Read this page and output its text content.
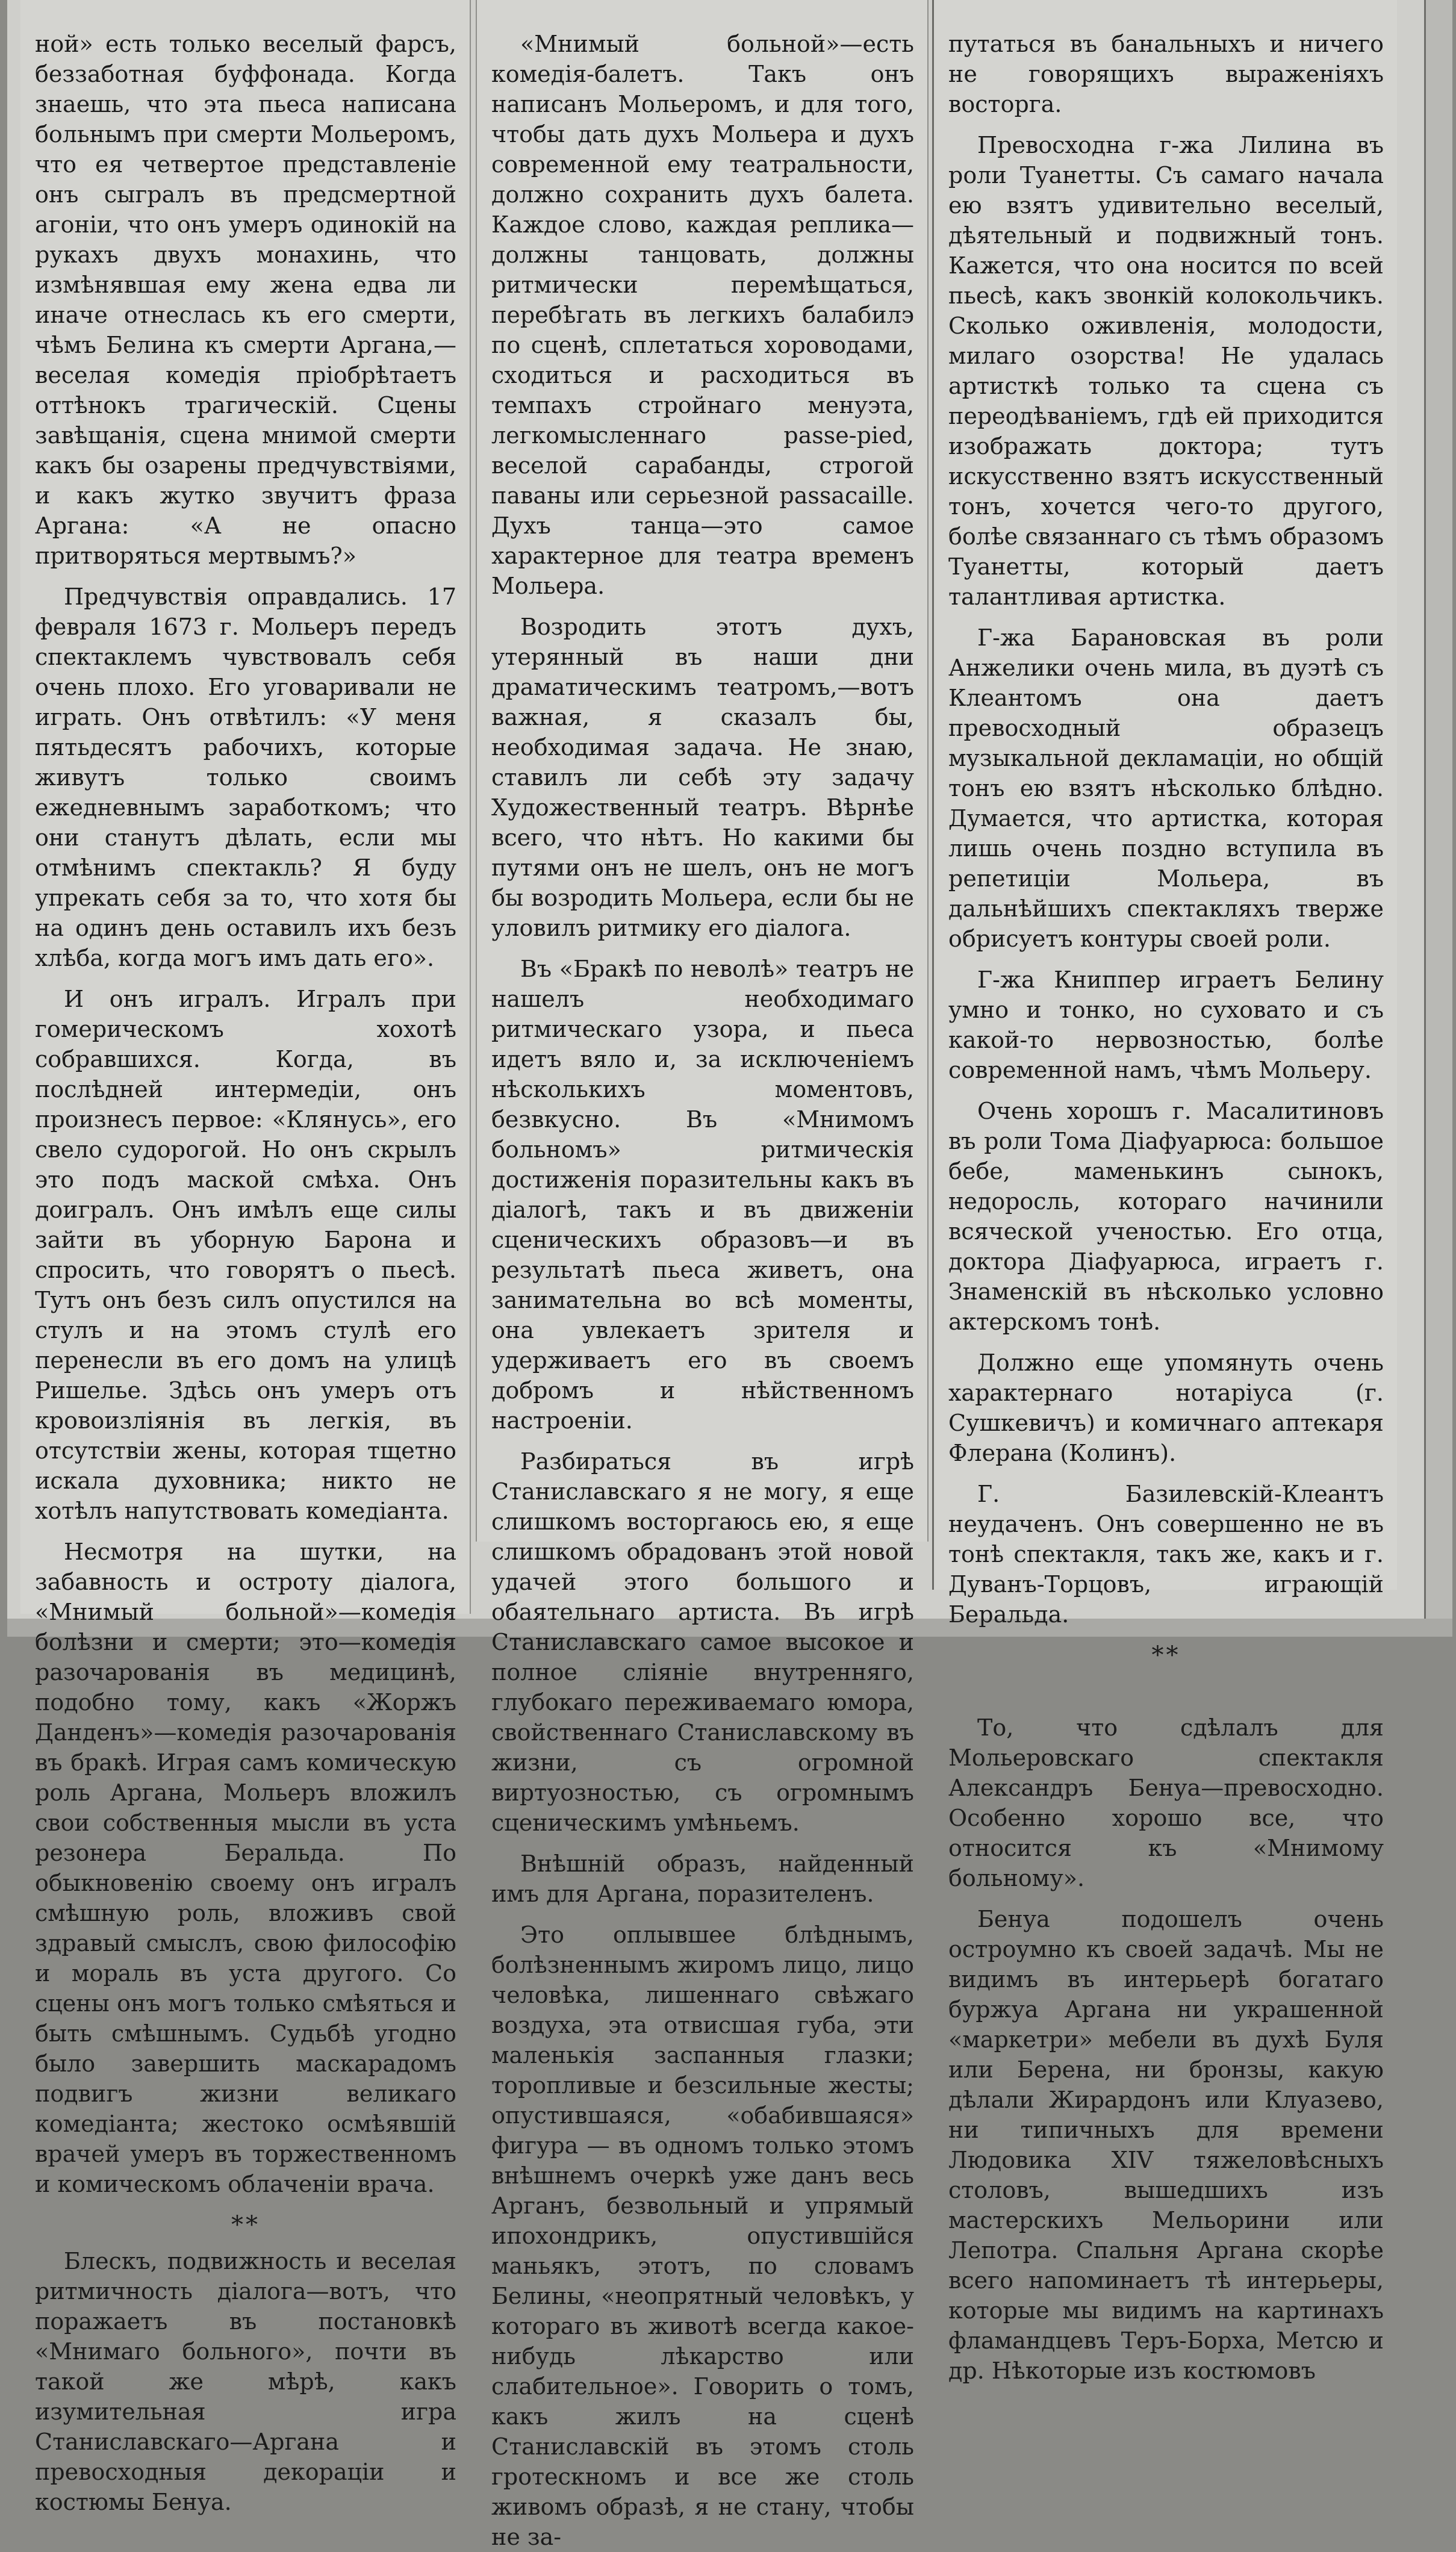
ной» есть только веселый фарсъ, беззаботная буффонада. Когда знаешь, что эта пьеса написана больнымъ при смерти Мольеромъ, что ея четвертое представленіе онъ сыгралъ въ предсмертной агоніи, что онъ умеръ одинокій на рукахъ двухъ монахинь, что измѣнявшая ему жена едва ли иначе отнеслась къ его смерти, чѣмъ Белина къ смерти Аргана,—веселая комедія пріобрѣтаетъ оттѣнокъ трагическій. Сцены завѣщанія, сцена мнимой смерти какъ бы озарены предчувствіями, и какъ жутко звучитъ фраза Аргана: «А не опасно притворяться мертвымъ?»

Предчувствія оправдались. 17 февраля 1673 г. Мольеръ передъ спектаклемъ чувствовалъ себя очень плохо. Его уговаривали не играть. Онъ отвѣтилъ: «У меня пятьдесятъ рабочихъ, которые живутъ только своимъ ежедневнымъ заработкомъ; что они станутъ дѣлать, если мы отмѣнимъ спектакль? Я буду упрекать себя за то, что хотя бы на одинъ день оставилъ ихъ безъ хлѣба, когда могъ имъ дать его».

И онъ игралъ. Игралъ при гомерическомъ хохотѣ собравшихся. Когда, въ послѣдней интермедіи, онъ произнесъ первое: «Клянусь», его свело судорогой. Но онъ скрылъ это подъ маской смѣха. Онъ доигралъ. Онъ имѣлъ еще силы зайти въ уборную Барона и спросить, что говорятъ о пьесѣ. Тутъ онъ безъ силъ опустился на стулъ и на этомъ стулѣ его перенесли въ его домъ на улицѣ Ришелье. Здѣсь онъ умеръ отъ кровоизліянія въ легкія, въ отсутствіи жены, которая тщетно искала духовника; никто не хотѣлъ напутствовать комедіанта.

Несмотря на шутки, на забавность и остроту діалога, «Мнимый больной»—комедія болѣзни и смерти; это—комедія разочарованія въ медицинѣ, подобно тому, какъ «Жоржъ Данденъ»—комедія разочарованія въ бракѣ. Играя самъ комическую роль Аргана, Мольеръ вложилъ свои собственныя мысли въ уста резонера Беральда. По обыкновенію своему онъ игралъ смѣшную роль, вложивъ свой здравый смыслъ, свою философію и мораль въ уста другого. Со сцены онъ могъ только смѣяться и быть смѣшнымъ. Судьбѣ угодно было завершить маскарадомъ подвигъ жизни великаго комедіанта; жестоко осмѣявшій врачей умеръ въ торжественномъ и комическомъ облаченіи врача.

**

Блескъ, подвижность и веселая ритмичность діалога—вотъ, что поражаетъ въ постановкѣ «Мнимаго больного», почти въ такой же мѣрѣ, какъ изумительная игра Станиславскаго—Аргана и превосходныя декораціи и костюмы Бенуа.

«Мнимый больной»—есть комедія-балетъ. Такъ онъ написанъ Мольеромъ, и для того, чтобы дать духъ Мольера и духъ современной ему театральности, должно сохранить духъ балета. Каждое слово, каждая реплика—должны танцовать, должны ритмически перемѣщаться, перебѣгать въ легкихъ балабилэ по сценѣ, сплетаться хороводами, сходиться и расходиться въ темпахъ стройнаго менуэта, легкомысленнаго passe-pied, веселой сарабанды, строгой паваны или серьезной passacaille. Духъ танца—это самое характерное для театра временъ Мольера.

Возродить этотъ духъ, утерянный въ наши дни драматическимъ театромъ,—вотъ важная, я сказалъ бы, необходимая задача. Не знаю, ставилъ ли себѣ эту задачу Художественный театръ. Вѣрнѣе всего, что нѣтъ. Но какими бы путями онъ не шелъ, онъ не могъ бы возродить Мольера, если бы не уловилъ ритмику его діалога.

Въ «Бракѣ по неволѣ» театръ не нашелъ необходимаго ритмическаго узора, и пьеса идетъ вяло и, за исключеніемъ нѣсколькихъ моментовъ, безвкусно. Въ «Мнимомъ больномъ» ритмическія достиженія поразительны какъ въ діалогѣ, такъ и въ движеніи сценическихъ образовъ—и въ результатѣ пьеса живетъ, она занимательна во всѣ моменты, она увлекаетъ зрителя и удерживаетъ его въ своемъ добромъ и нѣйственномъ настроеніи.

Разбираться въ игрѣ Станиславскаго я не могу, я еще слишкомъ восторгаюсь ею, я еще слишкомъ обрадованъ этой новой удачей этого большого и обаятельнаго артиста. Въ игрѣ Станиславскаго самое высокое и полное сліяніе внутренняго, глубокаго переживаемаго юмора, свойственнаго Станиславскому въ жизни, съ огромной виртуозностью, съ огромнымъ сценическимъ умѣньемъ.

Внѣшній образъ, найденный имъ для Аргана, поразителенъ.

Это оплывшее блѣднымъ, болѣзненнымъ жиромъ лицо, лицо человѣка, лишеннаго свѣжаго воздуха, эта отвисшая губа, эти маленькія заспанныя глазки; торопливые и безсильные жесты; опустившаяся, «обабившаяся» фигура — въ одномъ только этомъ внѣшнемъ очеркѣ уже данъ весь Арганъ, безвольный и упрямый ипохондрикъ, опустившійся маньякъ, этотъ, по словамъ Белины, «неопрятный человѣкъ, у котораго въ животѣ всегда какое-нибудь лѣкарство или слабительное». Говорить о томъ, какъ жилъ на сценѣ Станиславскій въ этомъ столь гротескномъ и все же столь живомъ образѣ, я не стану, чтобы не за-

путаться въ банальныхъ и ничего не говорящихъ выраженіяхъ восторга.

Превосходна г-жа Лилина въ роли Туанетты. Съ самаго начала ею взятъ удивительно веселый, дѣятельный и подвижный тонъ. Кажется, что она носится по всей пьесѣ, какъ звонкій колокольчикъ. Сколько оживленія, молодости, милаго озорства! Не удалась артисткѣ только та сцена съ переодѣваніемъ, гдѣ ей приходится изображать доктора; тутъ искусственно взятъ искусственный тонъ, хочется чего-то другого, болѣе связаннаго съ тѣмъ образомъ Туанетты, который даетъ талантливая артистка.

Г-жа Барановская въ роли Анжелики очень мила, въ дуэтѣ съ Клеантомъ она даетъ превосходный образецъ музыкальной декламаціи, но общій тонъ ею взятъ нѣсколько блѣдно. Думается, что артистка, которая лишь очень поздно вступила въ репетиціи Мольера, въ дальнѣйшихъ спектакляхъ тверже обрисуетъ контуры своей роли.

Г-жа Книппер играетъ Белину умно и тонко, но суховато и съ какой-то нервозностью, болѣе современной намъ, чѣмъ Мольеру.

Очень хорошъ г. Масалитиновъ въ роли Тома Діафуарюса: большое бебе, маменькинъ сынокъ, недоросль, котораго начинили всяческой ученостью. Его отца, доктора Діафуарюса, играетъ г. Знаменскій въ нѣсколько условно актерскомъ тонѣ.

Должно еще упомянуть очень характернаго нотаріуса (г. Сушкевичъ) и комичнаго аптекаря Флерана (Колинъ).

Г. Базилевскій-Клеантъ неудаченъ. Онъ совершенно не въ тонѣ спектакля, такъ же, какъ и г. Дуванъ-Торцовъ, играющій Беральда.

**

То, что сдѣлалъ для Мольеровскаго спектакля Александръ Бенуа—превосходно. Особенно хорошо все, что относится къ «Мнимому больному».

Бенуа подошелъ очень остроумно къ своей задачѣ. Мы не видимъ въ интерьерѣ богатаго буржуа Аргана ни украшенной «маркетри» мебели въ духѣ Буля или Берена, ни бронзы, какую дѣлали Жирардонъ или Клуазево, ни типичныхъ для времени Людовика XIV тяжеловѣсныхъ столовъ, вышедшихъ изъ мастерскихъ Мельорини или Лепотра. Спальня Аргана скорѣе всего напоминаетъ тѣ интерьеры, которые мы видимъ на картинахъ фламандцевъ Теръ-Борха, Метсю и др. Нѣкоторые изъ костюмовъ
